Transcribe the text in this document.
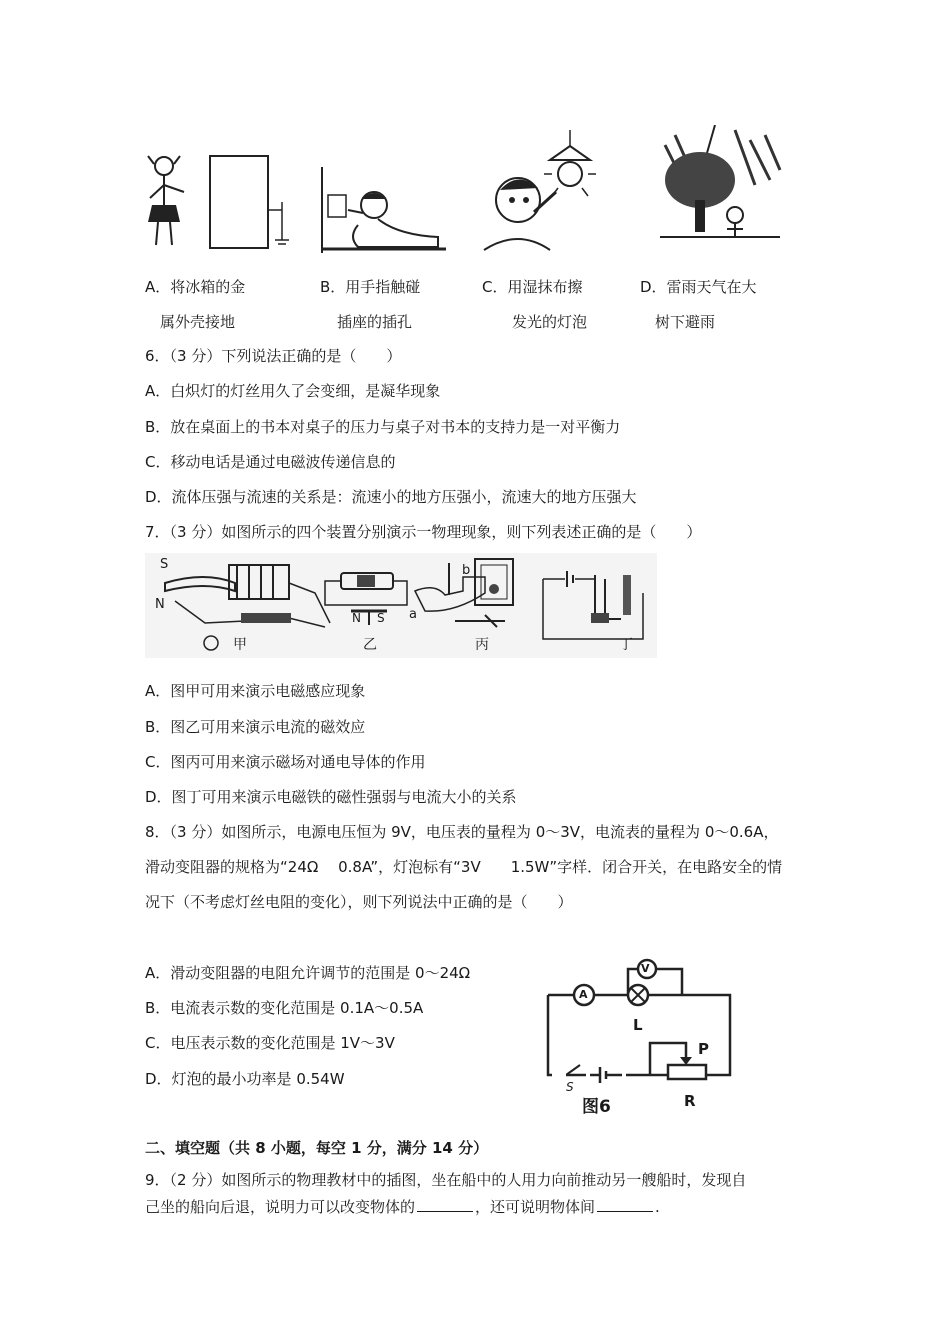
A．将冰箱的金
属外壳接地
B．用手指触碰
插座的插孔
C．用湿抹布擦
发光的灯泡
D．雷雨天气在大
树下避雨
6．（3 分）下列说法正确的是（　　）
A．白炽灯的灯丝用久了会变细，是凝华现象
B．放在桌面上的书本对桌子的压力与桌子对书本的支持力是一对平衡力
C．移动电话是通过电磁波传递信息的
D．流体压强与流速的关系是：流速小的地方压强小，流速大的地方压强大
7．（3 分）如图所示的四个装置分别演示一物理现象，则下列表述正确的是（　　）
S
N
N S a
b
甲	乙	丙	丁
A．图甲可用来演示电磁感应现象
B．图乙可用来演示电流的磁效应
C．图丙可用来演示磁场对通电导体的作用
D．图丁可用来演示电磁铁的磁性强弱与电流大小的关系
8．（3 分）如图所示，电源电压恒为 9V，电压表的量程为 0～3V，电流表的量程为 0～0.6A，
滑动变阻器的规格为“24Ω　 0.8A”，灯泡标有“3V　　1.5W”字样．闭合开关，在电路安全的情
况下（不考虑灯丝电阻的变化），则下列说法中正确的是（　　）
A．滑动变阻器的电阻允许调节的范围是 0～24Ω
B．电流表示数的变化范围是 0.1A～0.5A
C．电压表示数的变化范围是 1V～3V
D．灯泡的最小功率是 0.54W
V
A
L
P
R
S
图6
二、填空题（共 8 小题，每空 1 分，满分 14 分）
9．（2 分）如图所示的物理教材中的插图，坐在船中的人用力向前推动另一艘船时，发现自
己坐的船向后退，说明力可以改变物体的	，还可说明物体间	.
